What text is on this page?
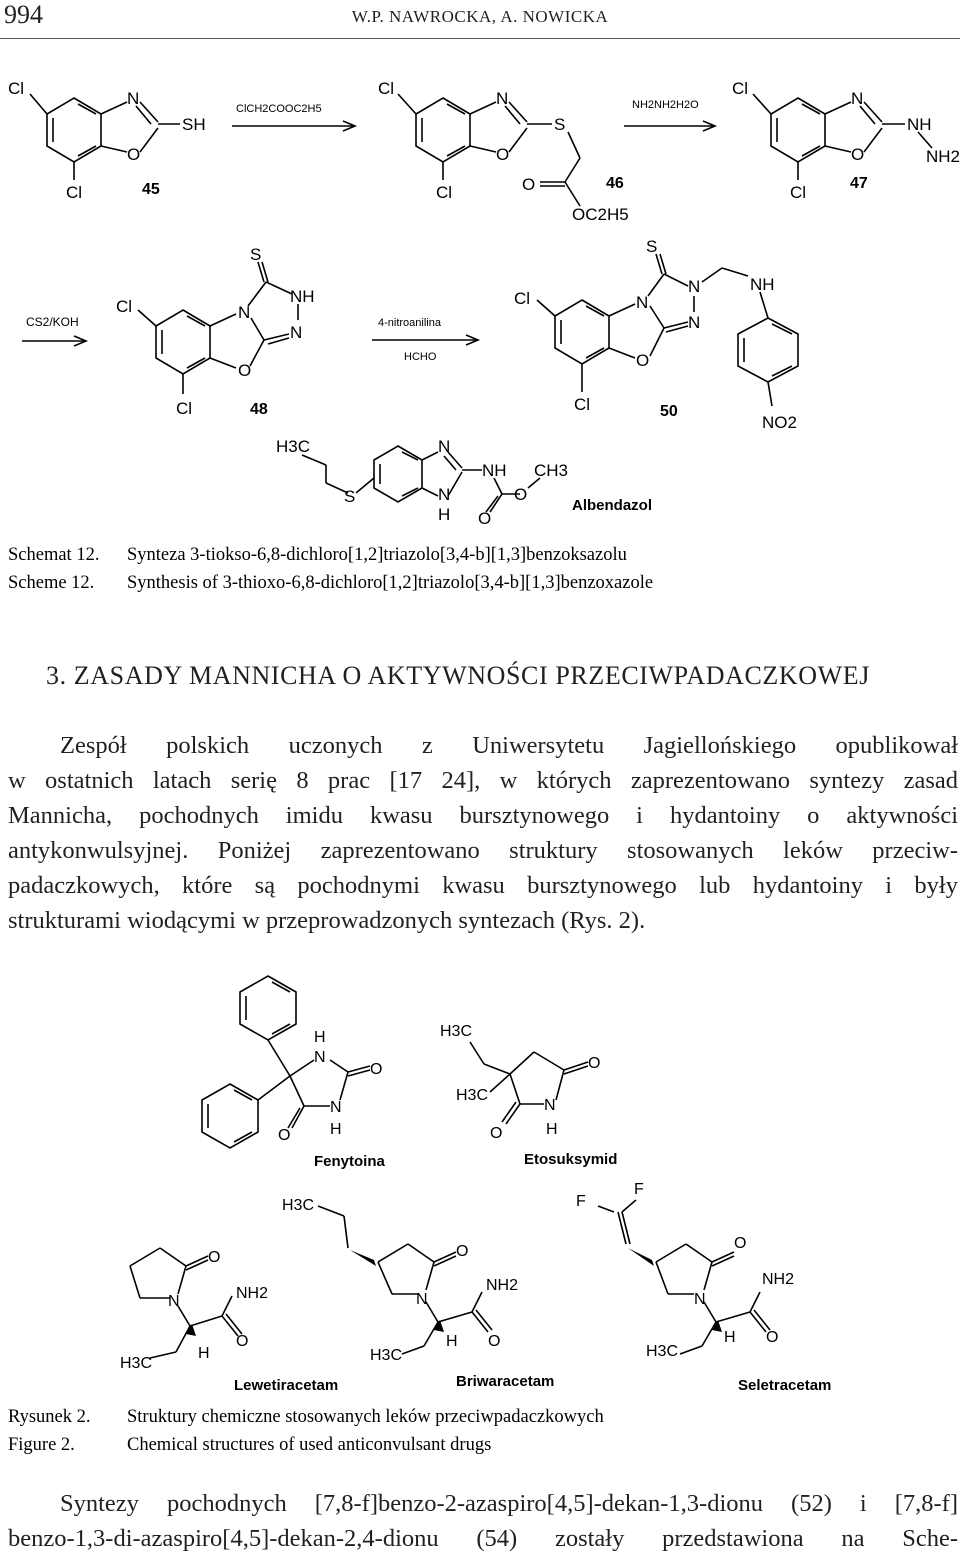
994	W.P. NAWROCKA, A. NOWICKA
Cl
N
SH
O
Cl	45
ClCH2COOC2H5
Cl
N
S
O
Cl	O
OC2H5
46
NH2NH2H2O
Cl
N
NH
NH2
O
Cl	47
CS2/KOH
S
Cl	N
NH
N
O
Cl	48
4-nitroanilina
HCHO
S
Cl	N
N	NH
N
O
Cl
NO2
50
H3C
S
N
NH CH3
N
H
O
O
Albendazol
Schemat 12. Synteza 3-tiokso-6,8-dichloro[1,2]triazolo[3,4-b][1,3]benzoksazolu
Scheme 12. Synthesis of 3-thioxo-6,8-dichloro[1,2]triazolo[3,4-b][1,3]benzoxazole
H
N
O
N
H
O
Fenytoina
H3C
O
H3C
O
N
H
Etosuksymid
O
N	NH2
O
H3C
H
Lewetiracetam
H3C
O
N
NH2
O
H3C
H
Briwaracetam
F
F
O
N
NH2
O
H3C
H
Seletracetam
Rysunek 2. Struktury chemiczne stosowanych leków przeciwpadaczkowych
Figure 2.	Chemical structures of used anticonvulsant drugs
3. ZASADY MANNICHA O AKTYWNOŚCI PRZECIWPADACZKOWEJ
Zespół polskich uczonych z Uniwersytetu Jagiellońskiego opublikował
w ostatnich latach serię 8 prac [17 24], w których zaprezentowano syntezy zasad
Mannicha, pochodnych imidu kwasu bursztynowego i hydantoiny o aktywności
antykonwulsyjnej. Poniżej zaprezentowano struktury stosowanych leków przeciw-
padaczkowych, które są pochodnymi kwasu bursztynowego lub hydantoiny i były
strukturami wiodącymi w przeprowadzonych syntezach (Rys. 2).
Syntezy pochodnych [7,8-f]benzo-2-azaspiro[4,5]-dekan-1,3-dionu (52) i [7,8-f]
benzo-1,3-di-azaspiro[4,5]-dekan-2,4-dionu (54) zostały przedstawiona na Sche-
